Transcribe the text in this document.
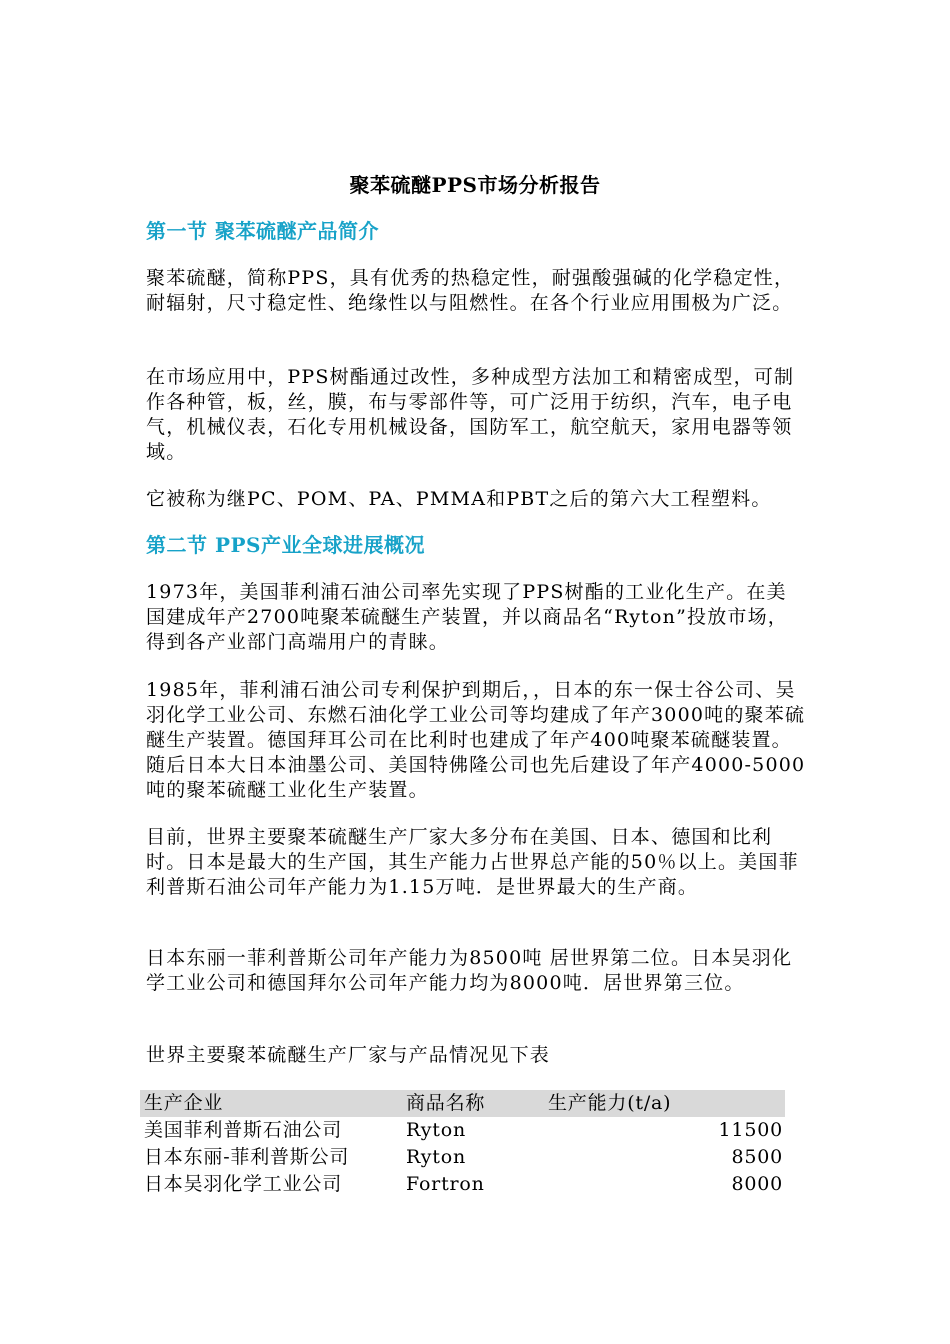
聚苯硫醚PPS市场分析报告
第一节 聚苯硫醚产品简介

聚苯硫醚，简称PPS，具有优秀的热稳定性，耐强酸强碱的化学稳定性，耐辐射，尺寸稳定性、绝缘性以与阻燃性。在各个行业应用围极为广泛。

在市场应用中，PPS树酯通过改性，多种成型方法加工和精密成型，可制作各种管，板，丝，膜，布与零部件等，可广泛用于纺织，汽车，电子电气，机械仪表，石化专用机械设备，国防军工，航空航天，家用电器等领域。

它被称为继PC、POM、PA、PMMA和PBT之后的第六大工程塑料。

第二节 PPS产业全球进展概况

1973年，美国菲利浦石油公司率先实现了PPS树酯的工业化生产。在美国建成年产2700吨聚苯硫醚生产装置，并以商品名“Ryton”投放市场，得到各产业部门高端用户的青睐。

1985年，菲利浦石油公司专利保护到期后，，日本的东一保士谷公司、吴羽化学工业公司、东燃石油化学工业公司等均建成了年产3000吨的聚苯硫醚生产装置。德国拜耳公司在比利时也建成了年产400吨聚苯硫醚装置。随后日本大日本油墨公司、美国特佛隆公司也先后建设了年产4000-5000吨的聚苯硫醚工业化生产装置。

目前，世界主要聚苯硫醚生产厂家大多分布在美国、日本、德国和比利时。日本是最大的生产国，其生产能力占世界总产能的50％以上。美国菲利普斯石油公司年产能力为1.15万吨．是世界最大的生产商。

日本东丽一菲利普斯公司年产能力为8500吨 居世界第二位。日本吴羽化学工业公司和德国拜尔公司年产能力均为8000吨．居世界第三位。

世界主要聚苯硫醚生产厂家与产品情况见下表

生产企业	商品名称	生产能力(t/a)
美国菲利普斯石油公司	Ryton	11500
日本东丽-菲利普斯公司	Ryton	8500
日本吴羽化学工业公司	Fortron	8000
